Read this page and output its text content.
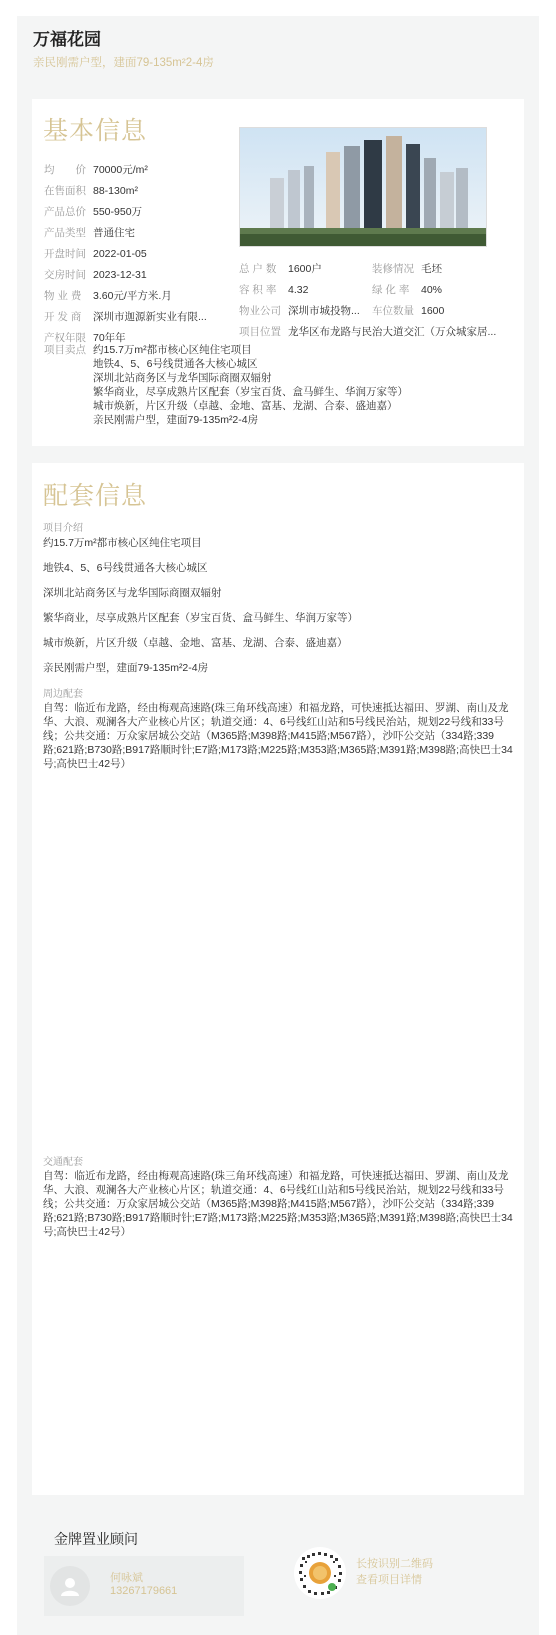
万福花园
亲民刚需户型，建面79-135m²2-4房
基本信息
均　　价 70000元/m²
在售面积 88-130m²
产品总价 550-950万
产品类型 普通住宅
开盘时间 2022-01-05
交房时间 2023-12-31
物 业 费	3.60元/平方米.月
开 发 商	深圳市迦源新实业有限...
产权年限 70年年
总 户 数	1600户	装修情况 毛坯
容 积 率	4.32	绿 化 率	40%
物业公司 深圳市城投物...	车位数量 1600
项目位置 龙华区布龙路与民治大道交汇（万众城家居...
项目卖点 约15.7万m²都市核心区纯住宅项目
地铁4、5、6号线贯通各大核心城区
深圳北站商务区与龙华国际商圈双辐射
繁华商业，尽享成熟片区配套（岁宝百货、盒马鲜生、华润万家等）
城市焕新，片区升级（卓越、金地、富基、龙湖、合泰、盛迪嘉）
亲民刚需户型，建面79-135m²2-4房
配套信息
项目介绍
约15.7万m²都市核心区纯住宅项目
地铁4、5、6号线贯通各大核心城区
深圳北站商务区与龙华国际商圈双辐射
繁华商业，尽享成熟片区配套（岁宝百货、盒马鲜生、华润万家等）
城市焕新，片区升级（卓越、金地、富基、龙湖、合泰、盛迪嘉）
亲民刚需户型，建面79-135m²2-4房
周边配套
自驾：临近布龙路，经由梅观高速路(珠三角环线高速）和福龙路，可快速抵达福田、罗湖、南山及龙华、大浪、观澜各大产业核心片区；轨道交通：4、6号线红山站和5号线民治站，规划22号线和33号线；公共交通：万众家居城公交站（M365路;M398路;M415路;M567路），沙吓公交站（334路;339路;621路;B730路;B917路顺时针;E7路;M173路;M225路;M353路;M365路;M391路;M398路;高快巴士34号;高快巴士42号）
交通配套
自驾：临近布龙路，经由梅观高速路(珠三角环线高速）和福龙路，可快速抵达福田、罗湖、南山及龙华、大浪、观澜各大产业核心片区；轨道交通：4、6号线红山站和5号线民治站，规划22号线和33号线；公共交通：万众家居城公交站（M365路;M398路;M415路;M567路），沙吓公交站（334路;339路;621路;B730路;B917路顺时针;E7路;M173路;M225路;M353路;M365路;M391路;M398路;高快巴士34号;高快巴士42号）
金牌置业顾问
何咏斌
13267179661
长按识别二维码
查看项目详情
